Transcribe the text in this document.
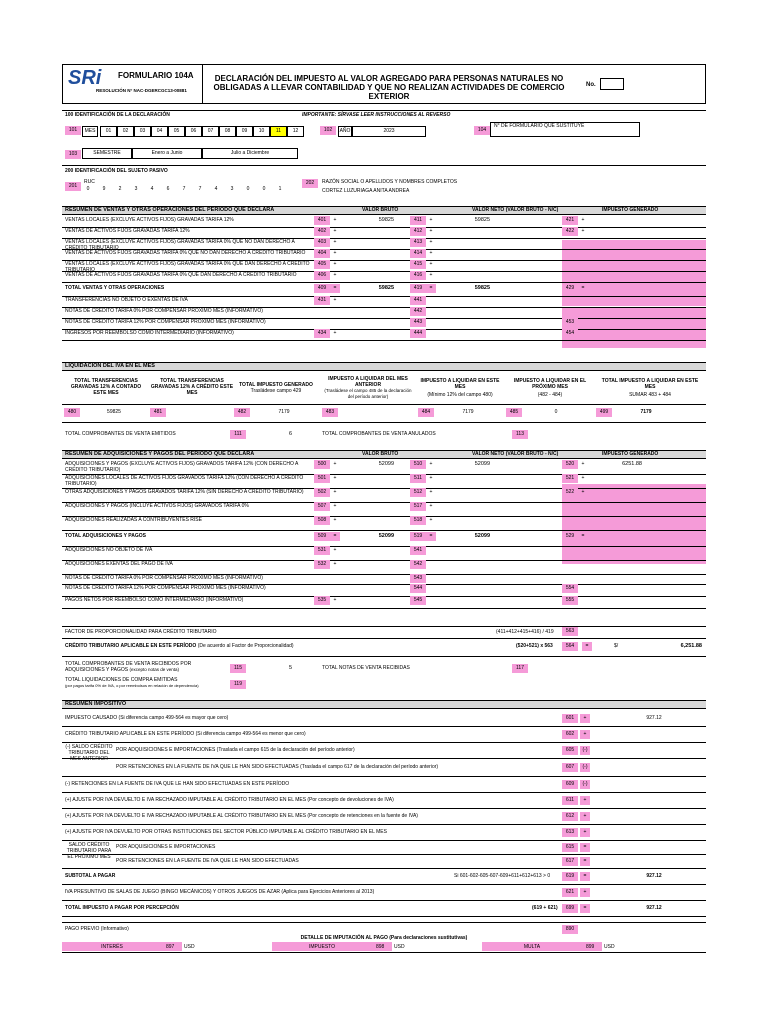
SRi FORMULARIO 104A
RESOLUCIÓN N° NAC-DGERCGC13-00881
DECLARACIÓN DEL IMPUESTO AL VALOR AGREGADO PARA PERSONAS NATURALES NO OBLIGADAS A LLEVAR CONTABILIDAD Y QUE NO REALIZAN ACTIVIDADES DE COMERCIO EXTERIOR
No.
100 IDENTIFICACIÓN DE LA DECLARACIÓN	IMPORTANTE: SÍRVASE LEER INSTRUCCIONES AL REVERSO
101	MES	01	02	03	04	05	06	07	08	09	10	11	12	102	AÑO	2023	104
N° DE FORMULARIO QUE SUSTITUYE
103	SEMESTRE	Enero a Junio	Julio a Diciembre
200 IDENTIFICACIÓN DEL SUJETO PASIVO
201
RUC
0	9	2	3	4	6	7	7	4	3	0	0	1
202	RAZÓN SOCIAL O APELLIDOS Y NOMBRES COMPLETOS
CORTEZ LUZURIAGA ANITA ANDREA
RESUMEN DE VENTAS Y OTRAS OPERACIONES DEL PERÍODO QUE DECLARA	VALOR BRUTO	VALOR NETO (VALOR BRUTO - N/C)	IMPUESTO GENERADO
VENTAS LOCALES (EXCLUYE ACTIVOS FIJOS) GRAVADAS TARIFA 12%	401	+	59825	411	+	59825	421	+
VENTAS DE ACTIVOS FIJOS GRAVADAS TARIFA 12%	402	+	412	+	422	+
VENTAS LOCALES (EXCLUYE ACTIVOS FIJOS) GRAVADAS TARIFA 0% QUE NO DAN DERECHO A CRÉDITO TRIBUTARIO
403	+	413	+
VENTAS DE ACTIVOS FIJOS GRAVADAS TARIFA 0% QUE NO DAN DERECHO A CRÉDITO TRIBUTARIO	404	+	414	+
VENTAS LOCALES (EXCLUYE ACTIVOS FIJOS) GRAVADAS TARIFA 0% QUE DAN DERECHO A CRÉDITO TRIBUTARIO
405	+	415	+
VENTAS DE ACTIVOS FIJOS GRAVADAS TARIFA 0% QUE DAN DERECHO A CRÉDITO TRIBUTARIO	406	+	416	+
TOTAL VENTAS Y OTRAS OPERACIONES	409	=	59825	419	=	59825	429	=
TRANSFERENCIAS NO OBJETO O EXENTAS DE IVA	431	+	441
NOTAS DE CRÉDITO TARIFA 0% POR COMPENSAR PRÓXIMO MES (INFORMATIVO)	442
NOTAS DE CRÉDITO TARIFA 12% POR COMPENSAR PRÓXIMO MES (INFORMATIVO)	443	453
INGRESOS POR REEMBOLSO COMO INTERMEDIARIO (INFORMATIVO)	434	+	444	454
LIQUIDACIÓN DEL IVA EN EL MES
TOTAL TRANSFERENCIAS GRAVADAS 12% A CONTADO ESTE MES
TOTAL TRANSFERENCIAS GRAVADAS 12% A CRÉDITO ESTE MES
TOTAL IMPUESTO GENERADO
Trasládese campo 429
IMPUESTO A LIQUIDAR DEL MES ANTERIOR
(Trasládese el campo 485 de la declaración del período anterior)
IMPUESTO A LIQUIDAR EN ESTE MES
(Mínimo 12% del campo 480)
IMPUESTO A LIQUIDAR EN EL PRÓXIMO MES
(482 - 484)
TOTAL IMPUESTO A LIQUIDAR EN ESTE MES
SUMAR 483 + 484
480	59825	481	482	7179	483	484	7179	485	0	499	7179
TOTAL COMPROBANTES DE VENTA EMITIDOS	111	6	TOTAL COMPROBANTES DE VENTA ANULADOS	113
RESUMEN DE ADQUISICIONES Y PAGOS DEL PERÍODO QUE DECLARA	VALOR BRUTO	VALOR NETO (VALOR BRUTO - N/C)	IMPUESTO GENERADO
ADQUISICIONES Y PAGOS (EXCLUYE ACTIVOS FIJOS) GRAVADOS TARIFA 12% (CON DERECHO A CRÉDITO TRIBUTARIO)
500	+	52099	510	+	52099	520	+	6251.88
ADQUISICIONES LOCALES DE ACTIVOS FIJOS GRAVADOS TARIFA 12% (CON DERECHO A CRÉDITO TRIBUTARIO)
501	+	511	+	521	+
OTRAS ADQUISICIONES Y PAGOS GRAVADOS TARIFA 12% (SIN DERECHO A CRÉDITO TRIBUTARIO)	502	+	512	+	522	+
ADQUISICIONES Y PAGOS (INCLUYE ACTIVOS FIJOS) GRAVADOS TARIFA 0%	507	+	517	+
ADQUISICIONES REALIZADAS A CONTRIBUYENTES RISE	508	+	518	+
TOTAL ADQUISICIONES Y PAGOS	509	=	52099	519	=	52099	529	=
ADQUISICIONES NO OBJETO DE IVA	531	+	541
ADQUISICIONES EXENTAS DEL PAGO DE IVA	532	+	542
NOTAS DE CRÉDITO TARIFA 0% POR COMPENSAR PRÓXIMO MES (INFORMATIVO)	543
NOTAS DE CRÉDITO TARIFA 12% POR COMPENSAR PRÓXIMO MES (INFORMATIVO)	544	554
PAGOS NETOS POR REEMBOLSO COMO INTERMEDIARIO (INFORMATIVO)	535	+	545	555
FACTOR DE PROPORCIONALIDAD PARA CRÉDITO TRIBUTARIO	(411+412+415+416) / 419	563
CRÉDITO TRIBUTARIO APLICABLE EN ESTE PERÍODO (De acuerdo al Factor de Proporcionalidad)	(520+521) x 563	564	=	$/	6,251.88
TOTAL COMPROBANTES DE VENTA RECIBIDOS POR ADQUISICIONES Y PAGOS (excepto notas de venta)	115	5	TOTAL NOTAS DE VENTA RECIBIDAS	117
TOTAL LIQUIDACIONES DE COMPRA EMITIDAS
(por pagos tarifa 0% de IVA, o por reembolsos en relación de dependencia)	119
RESUMEN IMPOSITIVO
IMPUESTO CAUSADO (Si diferencia campo 499-564 es mayor que cero)	601	+	927.12
CRÉDITO TRIBUTARIO APLICABLE EN ESTE PERÍODO (Si diferencia campo 499-564 es menor que cero)	602	+
(-) SALDO CRÉDITO TRIBUTARIO DEL MES ANTERIOR
POR ADQUISICIONES E IMPORTACIONES (Traslada el campo 615 de la declaración del período anterior)	605	(-)
POR RETENCIONES EN LA FUENTE DE IVA QUE LE HAN SIDO EFECTUADAS (Traslada el campo 617 de la declaración del período anterior)	607	(-)
(-) RETENCIONES EN LA FUENTE DE IVA QUE LE HAN SIDO EFECTUADAS EN ESTE PERÍODO	609	(-)
(+) AJUSTE POR IVA DEVUELTO E IVA RECHAZADO IMPUTABLE AL CRÉDITO TRIBUTARIO EN EL MES (Por concepto de devoluciones de IVA)	611	+
(+) AJUSTE POR IVA DEVUELTO E IVA RECHAZADO IMPUTABLE AL CRÉDITO TRIBUTARIO EN EL MES (Por concepto de retenciones en la fuente de IVA)	612	+
(+) AJUSTE POR IVA DEVUELTO POR OTRAS INSTITUCIONES DEL SECTOR PÚBLICO IMPUTABLE AL CRÉDITO TRIBUTARIO EN EL MES	613	+
SALDO CRÉDITO TRIBUTARIO PARA EL PRÓXIMO MES
POR ADQUISICIONES E IMPORTACIONES	615	=
POR RETENCIONES EN LA FUENTE DE IVA QUE LE HAN SIDO EFECTUADAS	617	=
SUBTOTAL A PAGAR	619	=	927.12
Si 601-602-605-607-609+611+612+613 > 0
IVA PRESUNTIVO DE SALAS DE JUEGO (BINGO MECÁNICOS) Y OTROS JUEGOS DE AZAR (Aplica para Ejercicios Anteriores al 2013)	621	+
TOTAL IMPUESTO A PAGAR POR PERCEPCIÓN	699	=	927.12
(619 + 621)
PAGO PREVIO (Informativo)	890
DETALLE DE IMPUTACIÓN AL PAGO (Para declaraciones sustitutivas)
INTERÉS	897 USD	IMPUESTO	898 USD	MULTA	899 USD
